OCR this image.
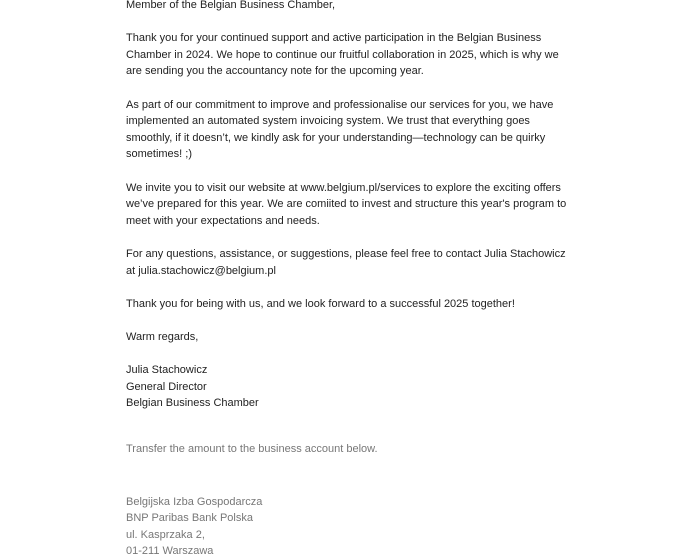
Member of the Belgian Business Chamber,
Thank you for your continued support and active participation in the Belgian Business
Chamber in 2024. We hope to continue our fruitful collaboration in 2025, which is why we
are sending you the accountancy note for the upcoming year.
As part of our commitment to improve and professionalise our services for you, we have
implemented an automated system invoicing system. We trust that everything goes
smoothly, if it doesn’t, we kindly ask for your understanding—technology can be quirky
sometimes! ;)
We invite you to visit our website at www.belgium.pl/services to explore the exciting offers
we’ve prepared for this year. We are comiited to invest and structure this year's program to
meet with your expectations and needs.
For any questions, assistance, or suggestions, please feel free to contact Julia Stachowicz
at julia.stachowicz@belgium.pl
Thank you for being with us, and we look forward to a successful 2025 together!
Warm regards,
Julia Stachowicz
General Director
Belgian Business Chamber
Transfer the amount to the business account below.

Belgijska Izba Gospodarcza
BNP Paribas Bank Polska
ul. Kasprzaka 2,
01-211 Warszawa
